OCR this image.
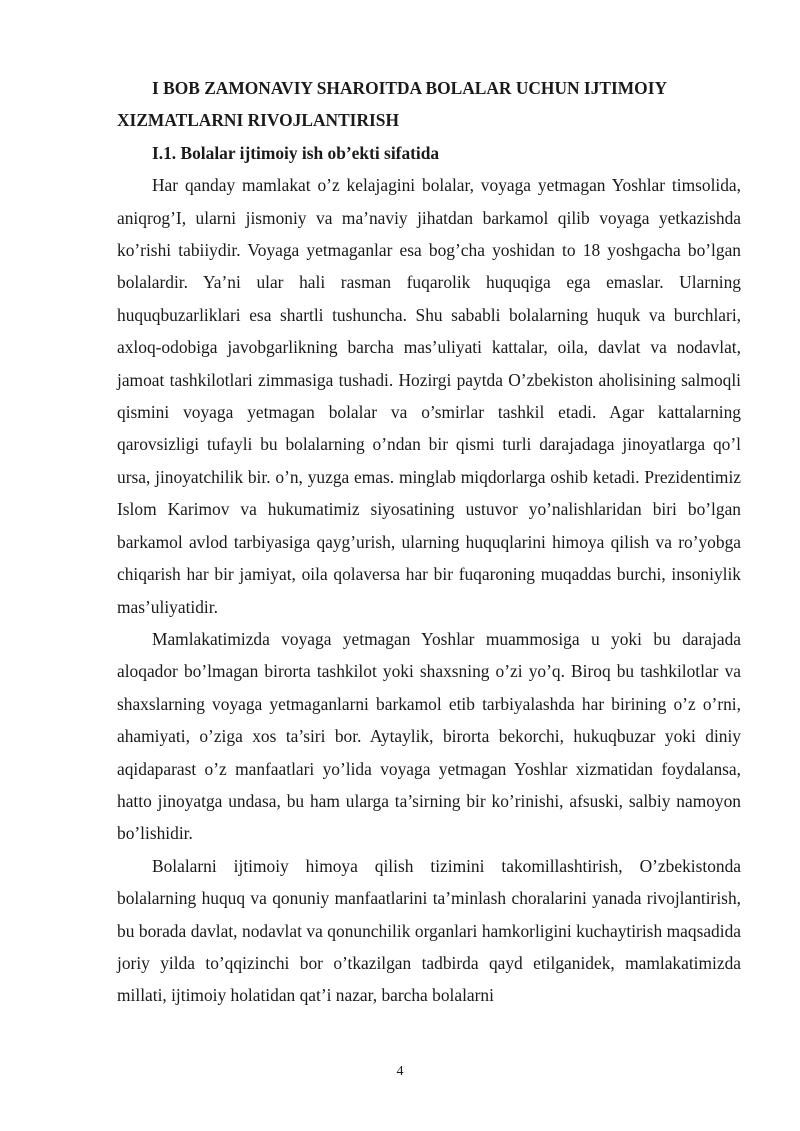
I BOB ZAMONAVIY SHAROITDA BOLALAR UCHUN IJTIMOIY XIZMATLARNI RIVOJLANTIRISH

I.1. Bolalar ijtimoiy ish ob’ekti sifatida

Har qanday mamlakat o’z kelajagini bolalar, voyaga yetmagan Yoshlar timsolida, aniqrog’I, ularni jismoniy va ma’naviy jihatdan barkamol qilib voyaga yetkazishda ko’rishi tabiiydir. Voyaga yetmaganlar esa bog’cha yoshidan to 18 yoshgacha bo’lgan bolalardir. Ya’ni ular hali rasman fuqarolik huquqiga ega emaslar. Ularning huquqbuzarliklari esa shartli tushuncha. Shu sababli bolalarning huquk va burchlari, axloq-odobiga javobgarlikning barcha mas’uliyati kattalar, oila, davlat va nodavlat, jamoat tashkilotlari zimmasiga tushadi. Hozirgi paytda O’zbekiston aholisining salmoqli qismini voyaga yetmagan bolalar va o’smirlar tashkil etadi. Agar kattalarning qarovsizligi tufayli bu bolalarning o’ndan bir qismi turli darajadaga jinoyatlarga qo’l ursa, jinoyatchilik bir. o’n, yuzga emas. minglab miqdorlarga oshib ketadi. Prezidentimiz Islom Karimov va hukumatimiz siyosatining ustuvor yo’nalishlaridan biri bo’lgan barkamol avlod tarbiyasiga qayg’urish, ularning huquqlarini himoya qilish va ro’yobga chiqarish har bir jamiyat, oila qolaversa har bir fuqaroning muqaddas burchi, insoniylik mas’uliyatidir.

Mamlakatimizda voyaga yetmagan Yoshlar muammosiga u yoki bu darajada aloqador bo’lmagan birorta tashkilot yoki shaxsning o’zi yo’q. Biroq bu tashkilotlar va shaxslarning voyaga yetmaganlarni barkamol etib tarbiyalashda har birining o’z o’rni, ahamiyati, o’ziga xos ta’siri bor. Aytaylik, birorta bekorchi, hukuqbuzar yoki diniy aqidaparast o’z manfaatlari yo’lida voyaga yetmagan Yoshlar xizmatidan foydalansa, hatto jinoyatga undasa, bu ham ularga ta’sirning bir ko’rinishi, afsuski, salbiy namoyon bo’lishidir.

Bolalarni ijtimoiy himoya qilish tizimini takomillashtirish, O’zbekistonda bolalarning huquq va qonuniy manfaatlarini ta’minlash choralarini yanada rivojlantirish, bu borada davlat, nodavlat va qonunchilik organlari hamkorligini kuchaytirish maqsadida joriy yilda to’qqizinchi bor o’tkazilgan tadbirda qayd etilganidek, mamlakatimizda millati, ijtimoiy holatidan qat’i nazar, barcha bolalarni

4
